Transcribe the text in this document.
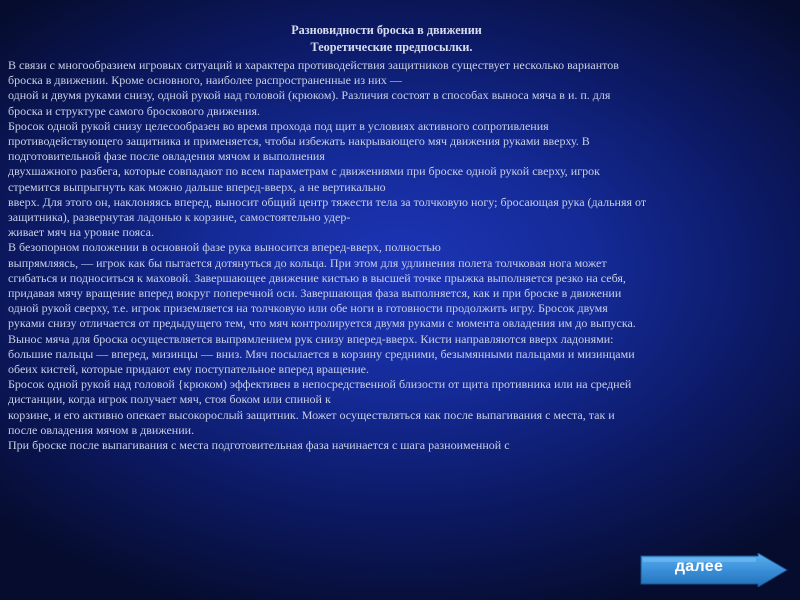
Разновидности броска в движении
Теоретические предпосылки.
В связи с многообразием игровых ситуаций и характера противодействия защитников существует несколько вариантов
броска в движении. Кроме основного, наиболее распространенные из них —
одной и двумя руками снизу, одной рукой над головой (крюком). Различия состоят в способах выноса мяча в и. п. для
броска и структуре самого броскового движения.
Бросок одной рукой снизу целесообразен во время прохода под щит в условиях активного сопротивления
противодействующего защитника и применяется, чтобы избежать накрывающего мяч движения руками вверху. В
подготовительной фазе после овладения мячом и выполнения
двухшажного разбега, которые совпадают по всем параметрам с движениями при броске одной рукой сверху, игрок
стремится выпрыгнуть как можно дальше вперед-вверх, а не вертикально
вверх. Для этого он, наклоняясь вперед, выносит общий центр тяжести тела за толчковую ногу; бросающая рука (дальняя от
защитника), развернутая ладонью к корзине, самостоятельно удер-
живает мяч на уровне пояса.
В безопорном положении в основной фазе рука выносится вперед-вверх, полностью
выпрямляясь, — игрок как бы пытается дотянуться до кольца. При этом для удлинения полета толчковая нога может
сгибаться и подноситься к маховой. Завершающее движение кистью в высшей точке прыжка выполняется резко на себя,
придавая мячу вращение вперед вокруг поперечной оси. Завершающая фаза выполняется, как и при броске в движении
одной рукой сверху, т.е. игрок приземляется на толчковую или обе ноги в готовности продолжить игру. Бросок двумя
руками снизу отличается от предыдущего тем, что мяч контролируется двумя руками с момента овладения им до выпуска.
Вынос мяча для броска осуществляется выпрямлением рук снизу вперед-вверх. Кисти направляются вверх ладонями:
большие пальцы — вперед, мизинцы — вниз. Мяч посылается в корзину средними, безымянными пальцами и мизинцами
обеих кистей, которые придают ему поступательное вперед вращение.
Бросок одной рукой над головой {крюком) эффективен в непосредственной близости от щита противника или на средней
дистанции, когда игрок получает мяч, стоя боком или спиной к
корзине, и его активно опекает высокорослый защитник. Может осуществляться как после выпагивания с места, так и
после овладения мячом в движении.
При броске после выпагивания с места подготовительная фаза начинается с шага разноименной с
далее
